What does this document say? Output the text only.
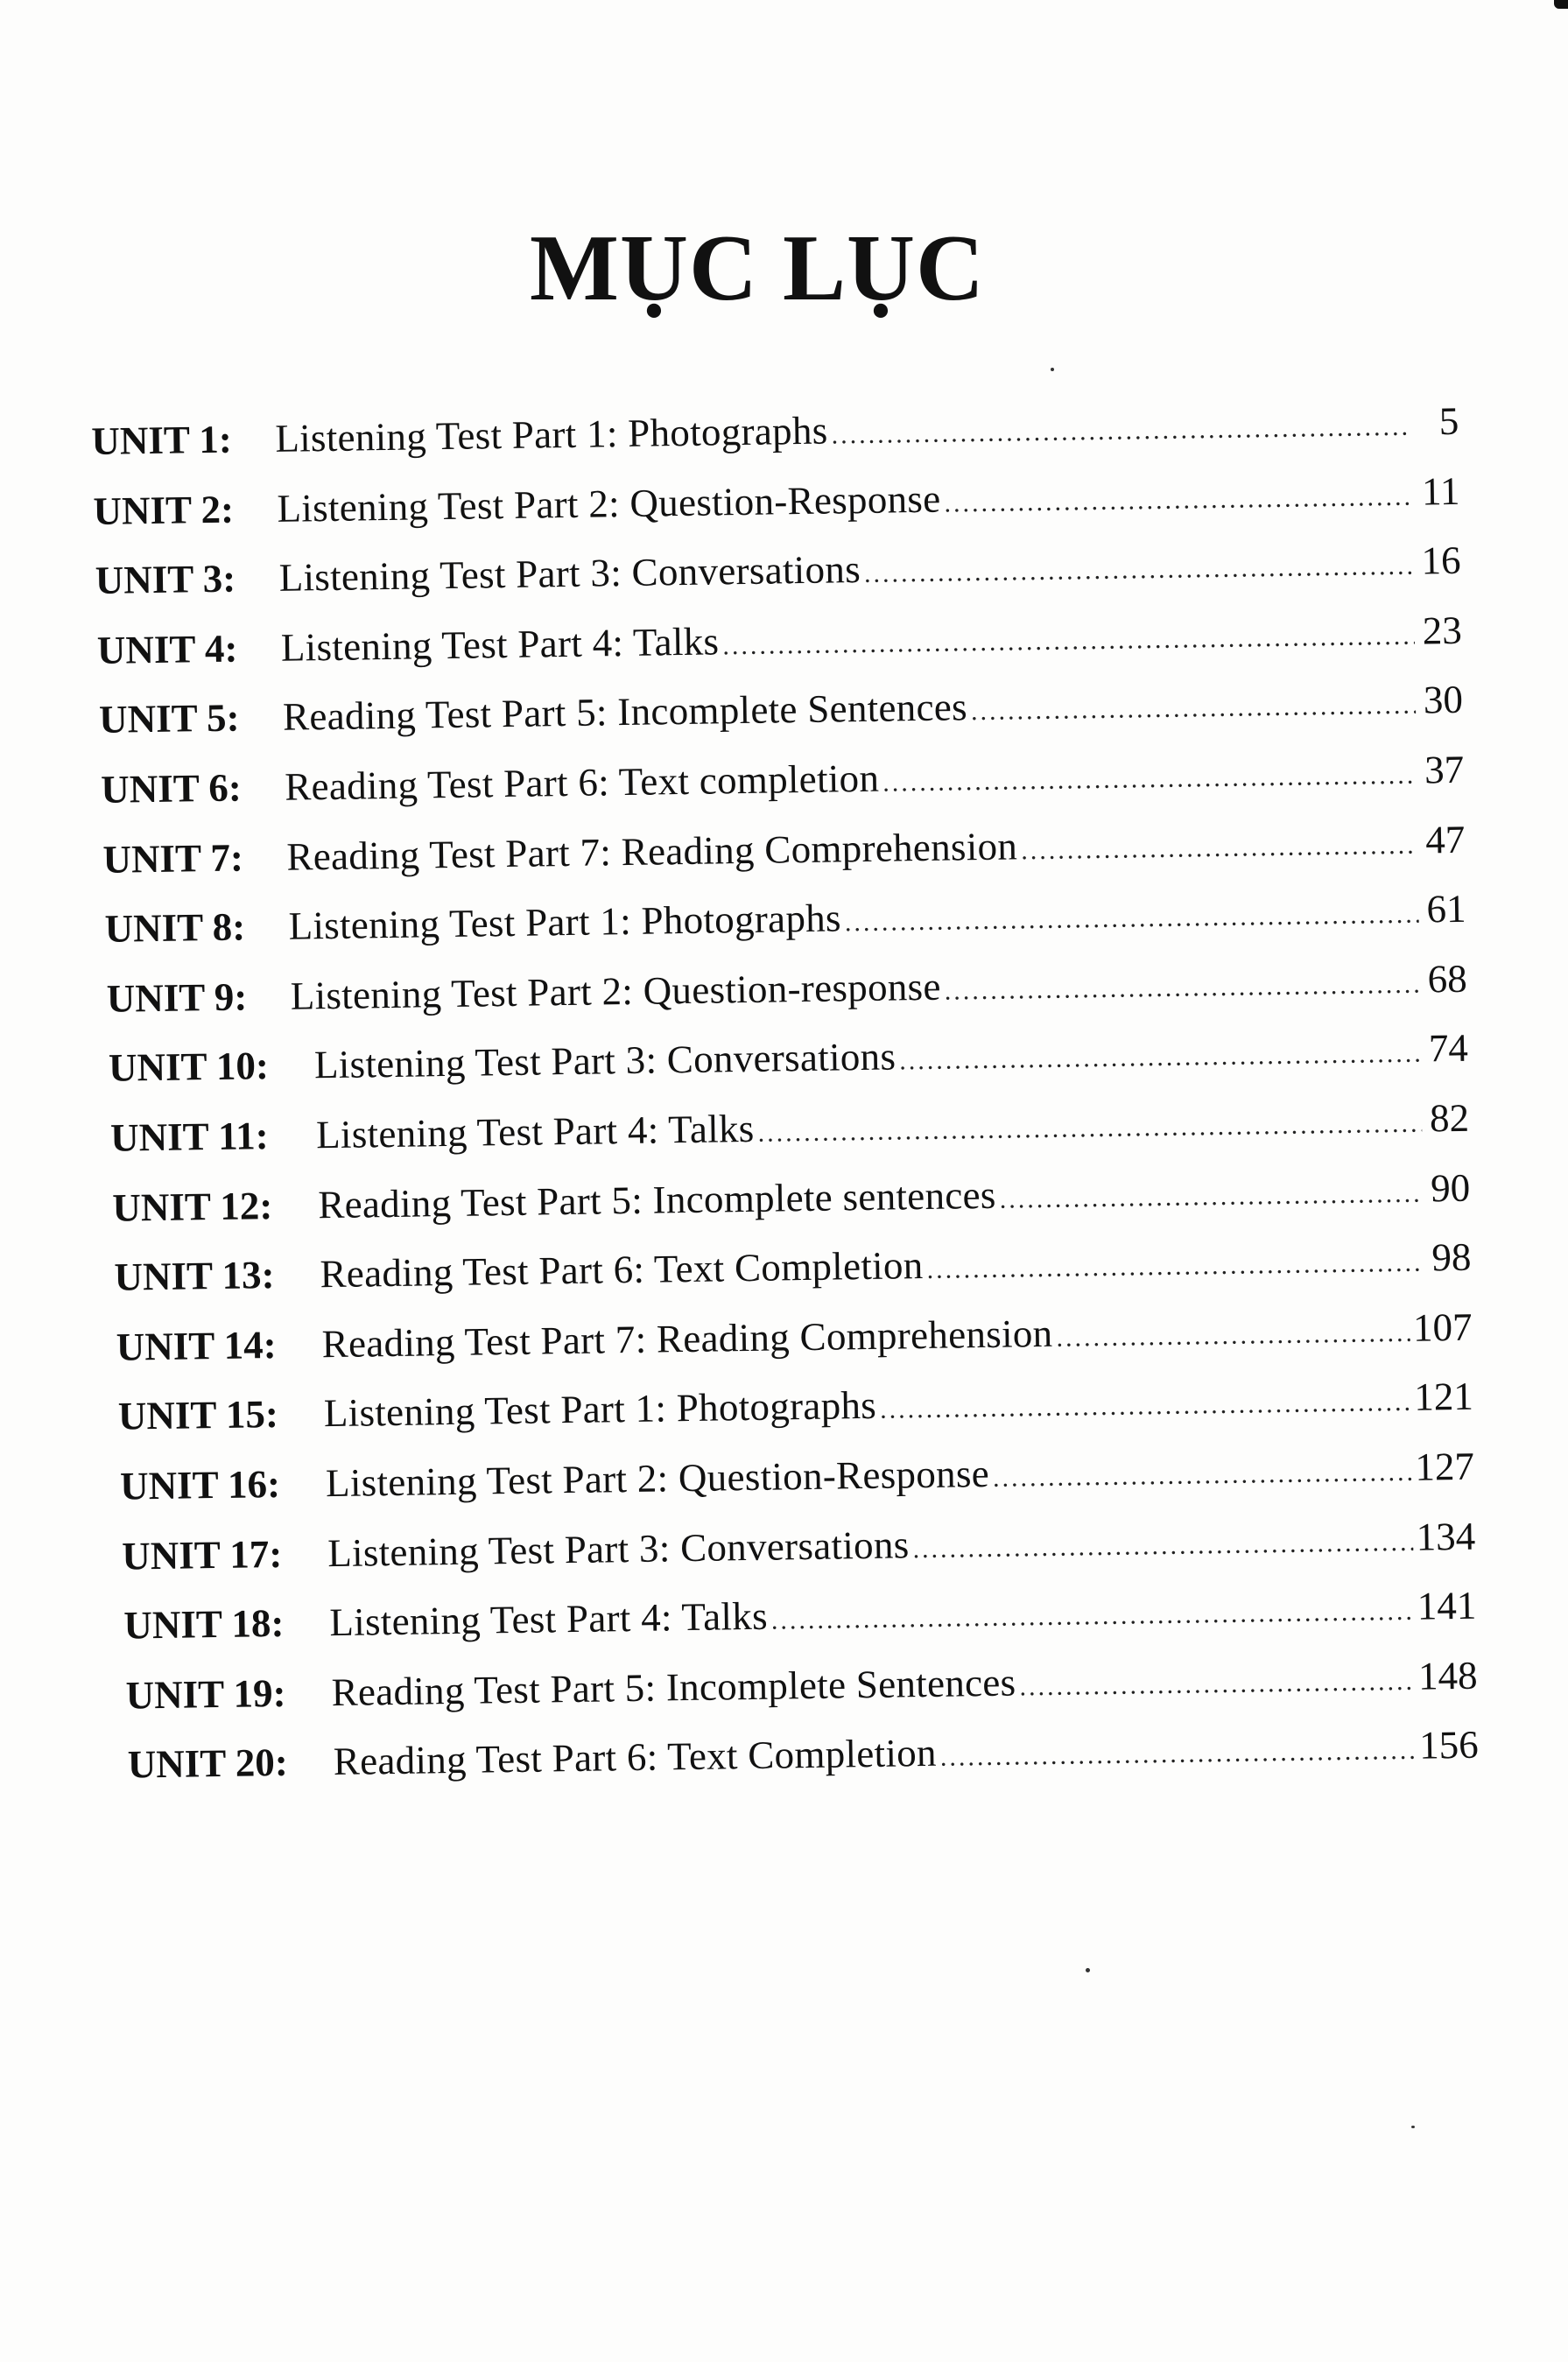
MỤC LỤC
UNIT 1:	Listening Test Part 1: Photographs .....	5
UNIT 2:	Listening Test Part 2: Question-Response .....	11
UNIT 3:	Listening Test Part 3: Conversations .....	16
UNIT 4:	Listening Test Part 4: Talks .....	23
UNIT 5:	Reading Test Part 5: Incomplete Sentences .....	30
UNIT 6:	Reading Test Part 6: Text completion .....	37
UNIT 7:	Reading Test Part 7: Reading Comprehension .....	47
UNIT 8:	Listening Test Part 1: Photographs .....	61
UNIT 9:	Listening Test Part 2: Question-response .....	68
UNIT 10:	Listening Test Part 3: Conversations .....	74
UNIT 11:	Listening Test Part 4: Talks .....	82
UNIT 12:	Reading Test Part 5: Incomplete sentences .....	90
UNIT 13:	Reading Test Part 6: Text Completion .....	98
UNIT 14:	Reading Test Part 7: Reading Comprehension .....	107
UNIT 15:	Listening Test Part 1: Photographs .....	121
UNIT 16:	Listening Test Part 2: Question-Response .....	127
UNIT 17:	Listening Test Part 3: Conversations .....	134
UNIT 18:	Listening Test Part 4: Talks .....	141
UNIT 19:	Reading Test Part 5: Incomplete Sentences .....	148
UNIT 20:	Reading Test Part 6: Text Completion .....	156
